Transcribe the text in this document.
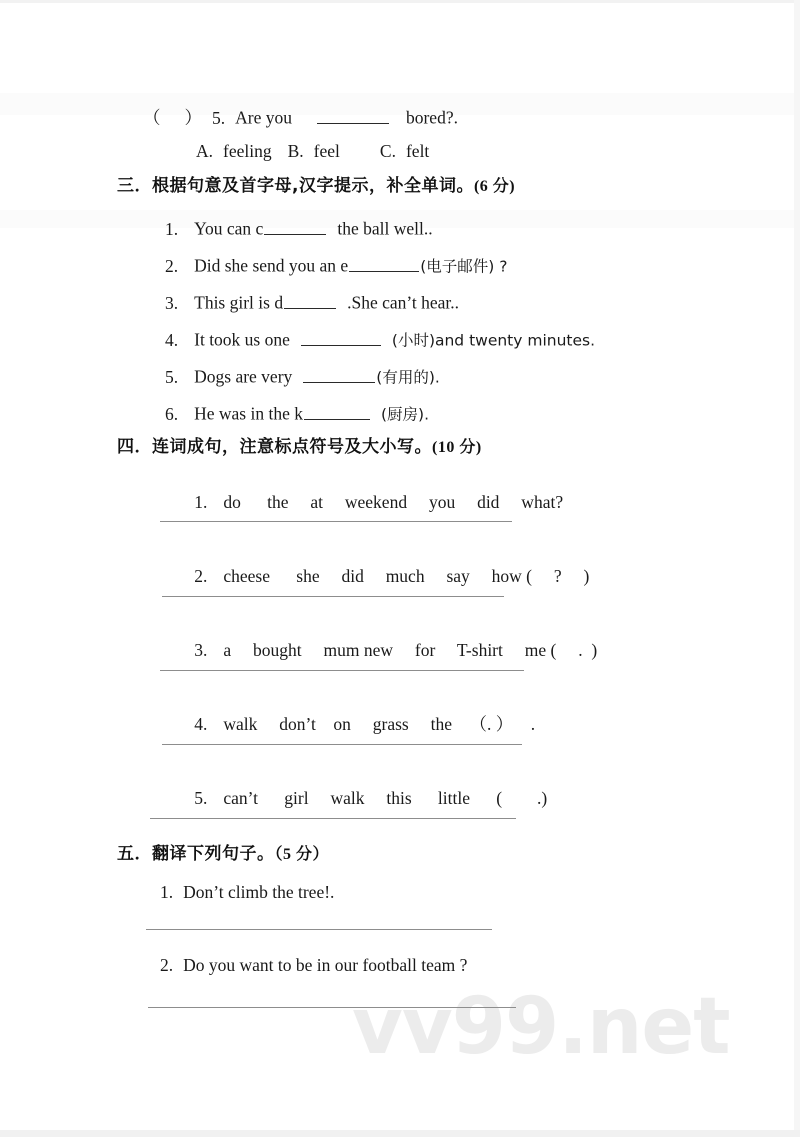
vv99.net
（ ） 5. Are you	bored?.
A. feeling B. feel C. felt
三．根据句意及首字母,汉字提示，补全单词。(6 分)
1. You can c	the ball well..
2. Did she send you an e	(电子邮件) ?
3. This girl is d	.She can’t hear..
4. It took us one	(小时)and twenty minutes.
5. Dogs are very	(有用的).
6. He was in the k	(厨房).
四．连词成句，注意标点符号及大小写。(10 分)

1. do      the     at     weekend     you     did     what?

2. cheese      she     did     much     say     how (     ?     )

3. a     bought     mum new     for     T-shirt     me (     .  )

4. walk     don’t    on     grass     the    （. ）    .

5. can’t      girl     walk     this      little      (        .)

五．翻译下列句子。（5 分）
1. Don’t climb the tree!.
2. Do you want to be in our football team ?
